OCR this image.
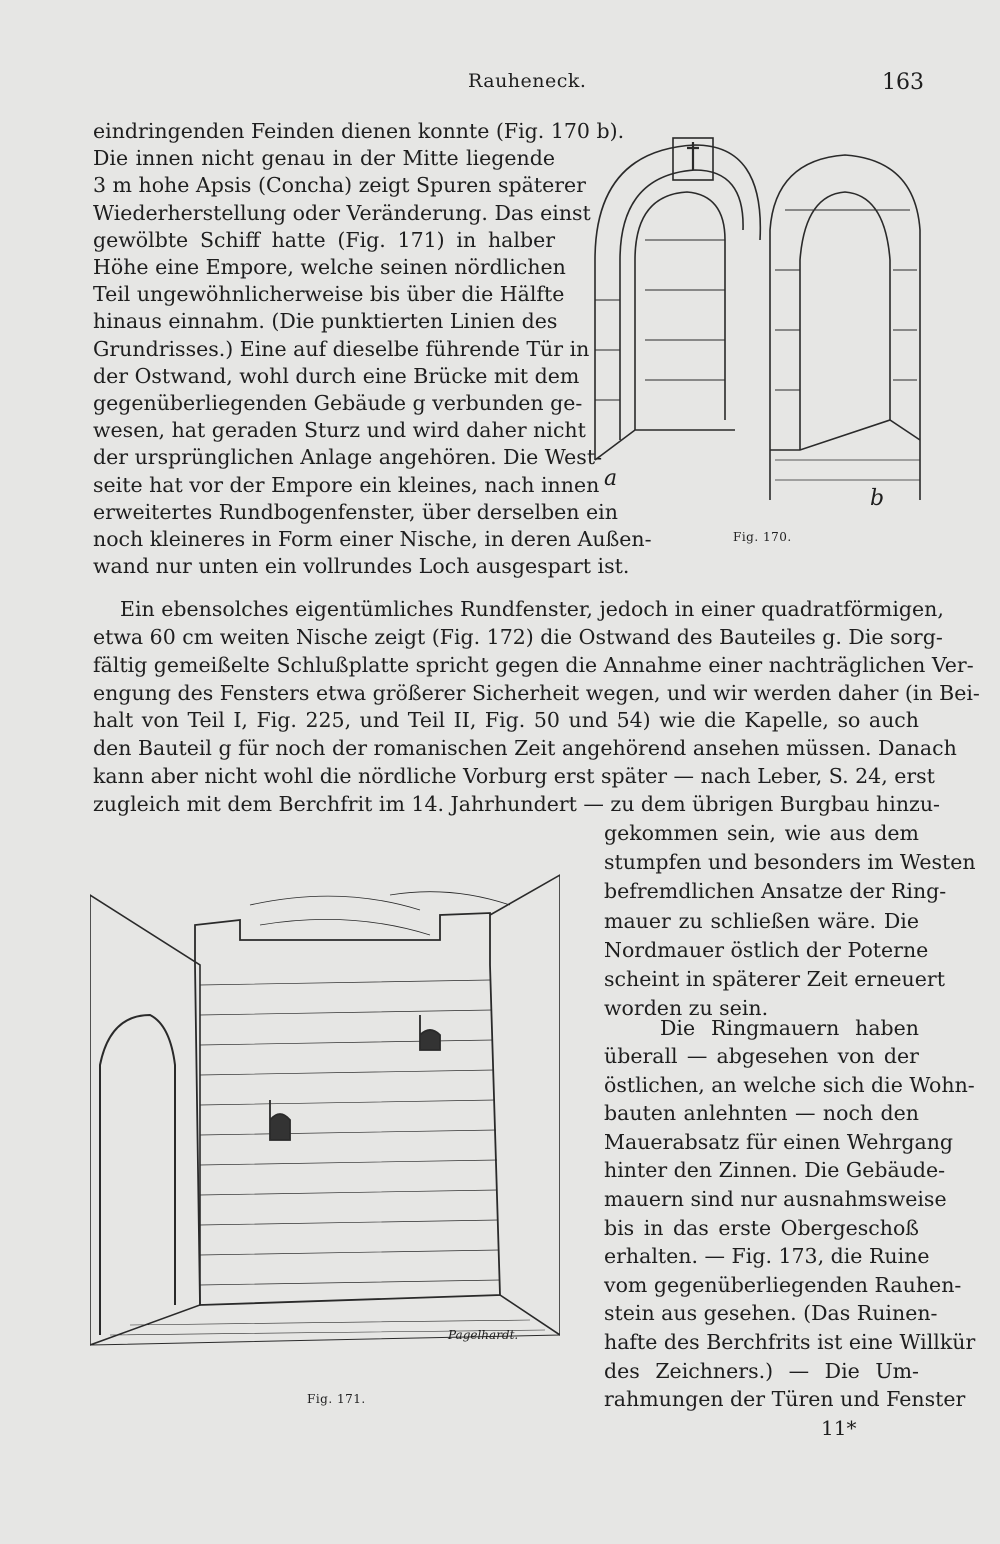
Rauheneck.	163
eindringenden Feinden dienen konnte (Fig. 170 b).
Die innen nicht genau in der Mitte liegende
3 m hohe Apsis (Concha) zeigt Spuren späterer
Wiederherstellung oder Veränderung. Das einst
gewölbte Schiff hatte (Fig. 171) in halber
Höhe eine Empore, welche seinen nördlichen
Teil ungewöhnlicherweise bis über die Hälfte
hinaus einnahm. (Die punktierten Linien des
Grundrisses.) Eine auf dieselbe führende Tür in
der Ostwand, wohl durch eine Brücke mit dem
gegenüberliegenden Gebäude g verbunden ge-
wesen, hat geraden Sturz und wird daher nicht
der ursprünglichen Anlage angehören. Die West-
seite hat vor der Empore ein kleines, nach innen
erweitertes Rundbogenfenster, über derselben ein
noch kleineres in Form einer Nische, in deren Außen-
wand nur unten ein vollrundes Loch ausgespart ist.
Ein ebensolches eigentümliches Rundfenster, jedoch in einer quadratförmigen,
etwa 60 cm weiten Nische zeigt (Fig. 172) die Ostwand des Bauteiles g. Die sorg-
fältig gemeißelte Schlußplatte spricht gegen die Annahme einer nachträglichen Ver-
engung des Fensters etwa größerer Sicherheit wegen, und wir werden daher (in Bei-
halt von Teil I, Fig. 225, und Teil II, Fig. 50 und 54) wie die Kapelle, so auch
den Bauteil g für noch der romanischen Zeit angehörend ansehen müssen. Danach
kann aber nicht wohl die nördliche Vorburg erst später — nach Leber, S. 24, erst
zugleich mit dem Berchfrit im 14. Jahrhundert — zu dem übrigen Burgbau hinzu-
gekommen sein, wie aus dem
stumpfen und besonders im Westen
befremdlichen Ansatze der Ring-
mauer zu schließen wäre. Die
Nordmauer östlich der Poterne
scheint in späterer Zeit erneuert
worden zu sein.
Die Ringmauern haben
überall — abgesehen von der
östlichen, an welche sich die Wohn-
bauten anlehnten — noch den
Mauerabsatz für einen Wehrgang
hinter den Zinnen. Die Gebäude-
mauern sind nur ausnahmsweise
bis in das erste Obergeschoß
erhalten. — Fig. 173, die Ruine
vom gegenüberliegenden Rauhen-
stein aus gesehen. (Das Ruinen-
hafte des Berchfrits ist eine Willkür
des Zeichners.) — Die Um-
rahmungen der Türen und Fenster
a
b
Fig. 170.
Pagelhardt.
Fig. 171.
11*
